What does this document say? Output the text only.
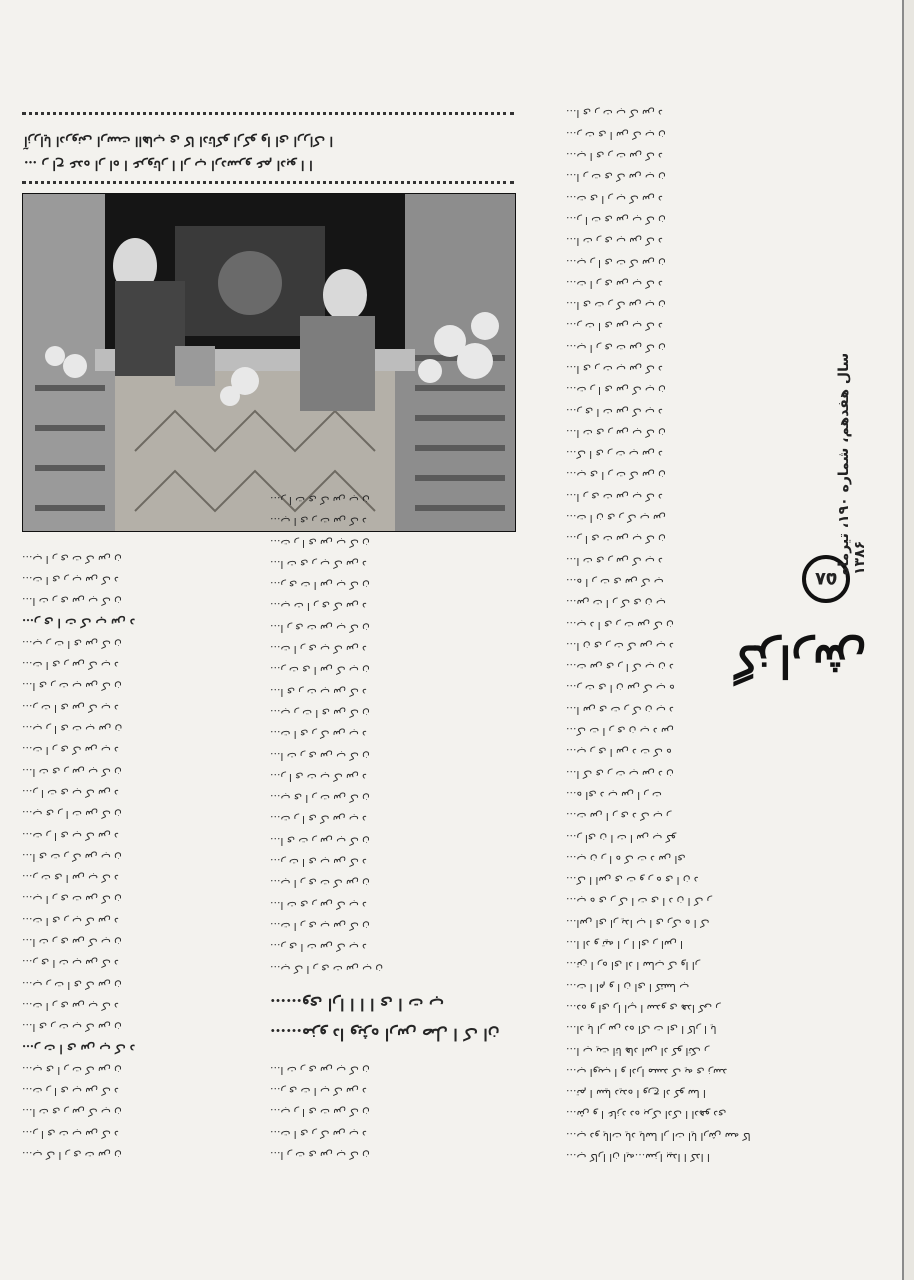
۵۸
گزارش
سال هفدهم، شماره ۱۹۰، تیرماه ۱۳۸۶
… ر اح عده ار اه ا عروتار ا ار ب اردسرو عم ادبو ا ا
آزرایا ادرونی ارست ااهاب ی کا ادتاکو ارکو وا ای ارراک ا
…ب کارا ان ایه…سزا بیدا ا کدا ا
…ب دو یاات یاد یاسا ار ات ایا ارش سه کا
…ش و ا عازد ده برک ادک ا ادهو دی
…تم ا سیا دیده ا ورج اد کو سا ا
…ب اویب ا و ادرا مسد ک یه ی زسد
…ا ب یت اتا هاد اس اد کو اتک ر
…اد یا ار س ده اک ت ای ا کار ا یا
…ده و ای را اپ ا سدو ی هدا کی ر
…ت ا ام و ا ن ای ا کتسا ب
…تن ا ره ای اد ا ساب ک وا ار
…ا اد و تیه ا ر ا ای ر اس ا
…اس ای ار یدا ب ا ی رک ه ا ک
…ب ه ی ر ک ا ت ی ا د ن ا ک ر
…ک ا اس ی ت و ر ه ی ا ن د
…ب ن ر ا ه ک ت د س ای
…ر ای ن ا ت ا س ب کو
…ت س ا ر ی د ک ب ر
…ه ای د ب س ا ر ت
…ا ک ی ر ت ب س د ن
…ب ر ی ا س د ت ک ه
…ک ت ا ر ی ن ب د س
…ا س ی ت ر ک ن ب د
…ر ت ی ا ن س ک ب ه
…ت س ی ر ا ک ب ن د
…ا ن ی ر ت ک س ب د
…ب د ا ی ر ت س ک ن
…س ت ا ر ک ی ن ب
…ه ا ر ت ی س ک ب
…ا ت ی ر س ک ب د
…ر ا ی ت س ب ک ن
…ت ا ن ی ر ک ب س
…ا ر ی ت س ب ک د
…ب ی ا ر ت ک س ن
…ک ا ی ر ت ب س د
…ا ت ی ر س ب ک ن
…ر ی ا ت س ک ب د
…ت ر ا ی س ک ب ن
…ا ی ر ت ب س ک د
…ب ا ر ی ت س ک ن
…ر ت ا ی س ب ک د
…ا ی ت ر ک س ب ن
…ت ا ر ی س ب ک د
…ب ر ا ی ت ک س ن
…ا ت ر ی ب س ک د
…ر ا ت ی س ب ک ن
…ت ی ا ر ب ک س د
…ا ر ت ی ک س ب ن
…ب ا ی ر ت س ک د
…ر ت ی ا س ک ب ن
…ا ی ر ت ب ک س د
…ا ر ت ی س ب ک ن
…ت ا ی ر ک س ب د
…ب ر ا ی ت س ک ن
…ر ی ت ا ب ک س د
…ا ت ر ی س ب ک ن
……مزو دا ویژه ارس صل ا ک ان
……وی ارا ا ا ا ی ا ت ب
…ب ک ا ر ی ت س ب ن
…ر ی ا ت س ک ب د
…ت ا ر ی ب س ک ن
…ا ت ی ر س ک ب د
…ب ا ر ی ت ک س ن
…ر ت ا ی ب س ک د
…ا ی ت ر س ب ک ن
…ت ر ا ی ک س ب د
…ب ی ا ر ت س ک ن
…ر ا ی ت ب ک س د
…ا ت ر ی س ب ک ن
…ت ا ی ر ک س ب د
…ب ر ت ا ی س ک ن
…ا ی ر ت ب س ک د
…ر ت ی ا س ک ب ن
…ت ا ر ی ب ک س د
…ا ر ی ت س ب ک ن
…ب ت ا ر ی ک س د
…ر ی ت ا س ب ک ن
…ا ت ی ر ب ک س د
…ت ر ا ی س ب ک ن
…ب ا ی ر ت س ک د
…ر ا ت ی ک س ب ن
…ب ک ا ر ی ت س ن
…ر ا ی ت ب س ک د
…ا ت ی ر س ک ب ن
…ت ر ا ی ب س ک د
…ب ی ا ر ت ک س ن
…ر ت ا ی س ب ک د
…ا ی ر ت ب ک س ن
…ت ا ر ی س ب ک د
…ب ر ت ا ی ک س ن
…ر ی ا ت ب س ک د
…ا ت ر ی س ک ب ن
…ت ا ی ر ب ک س د
…ب ا ر ی ت س ک ن
…ر ت ی ا س ب ک د
…ا ی ت ر ک س ب ن
…ت ر ا ی ب ک س د
…ب ی ر ا ت س ک ن
…ر ا ت ی ب ک س د
…ا ت ی ر س ب ک ن
…ت ا ر ی ک س ب د
…ب ر ا ی ت ب س ن
…ر ت ا ی س ک ب د
…ا ی ر ت ب س ک ن
…ت ا ی ر س ک ب د
…ب ر ت ا ی س ک ن
…ر ی ا ت ک ب س د
…ا ت ر ی س ب ک ن
…ت ا ی ر ب س ک د
…ب ا ر ی ت ک س ن
